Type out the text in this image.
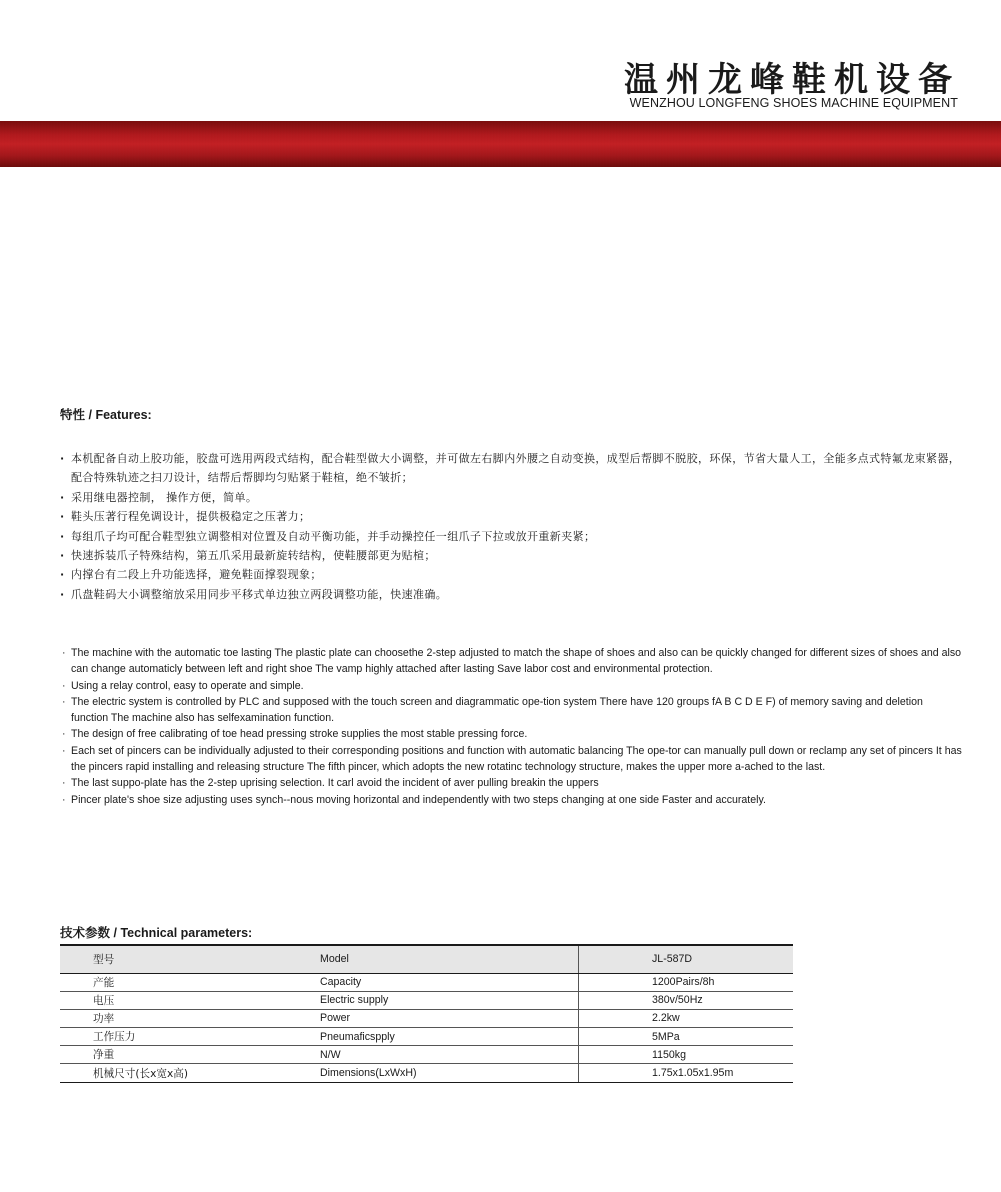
温州龙峰鞋机设备
WENZHOU LONGFENG SHOES MACHINE EQUIPMENT
特性 / Features:
· 本机配备自动上胶功能，胶盘可选用两段式结构，配合鞋型做大小调整，并可做左右脚内外腰之自动变换，成型后帮脚不脱胶，环保，节省大量人工，全能多点式特氟龙束紧器，配合特殊轨迹之扫刀设计，结帮后帮脚均匀贴紧于鞋楦，绝不皱折；
· 采用继电器控制， 操作方便，简单。
· 鞋头压著行程免调设计，提供极稳定之压著力；
· 每组爪子均可配合鞋型独立调整相对位置及自动平衡功能，并手动操控任一组爪子下拉或放开重新夹紧；
· 快速拆装爪子特殊结构，第五爪采用最新旋转结构，使鞋腰部更为贴楦；
· 内撑台有二段上升功能选择，避免鞋面撑裂现象；
· 爪盘鞋码大小调整缩放采用同步平移式单边独立两段调整功能，快速准确。
· The machine with the automatic toe lasting The plastic plate can choosethe 2-step adjusted to match the shape of shoes and also can be quickly changed for different sizes of shoes and also can change automaticly between left and right shoe The vamp highly attached after lasting Save labor cost and environmental protection.
· Using a relay control, easy to operate and simple.
· The electric system is controlled by PLC and supposed with the touch screen and diagrammatic ope-tion system There have 120 groups fA B C D E F) of memory saving and deletion function The machine also has selfexamination function.
· The design of free calibrating of toe head pressing stroke supplies the most stable pressing force.
· Each set of pincers can be individually adjusted to their corresponding positions and function with automatic balancing The ope-tor can manually pull down or reclamp any set of pincers It has the pincers rapid installing and releasing structure The fifth pincer, which adopts the new rotatinc technology structure, makes the upper more a-ached to the last.
· The last suppo-plate has the 2-step uprising selection. It carl avoid the incident of aver pulling breakin the uppers
· Pincer plate's shoe size adjusting uses synch--nous moving horizontal and independently with two steps changing at one side Faster and accurately.
技术参数 / Technical parameters:
型号	Model	JL-587D
产能	Capacity	1200Pairs/8h
电压	Electric supply	380v/50Hz
功率	Power	2.2kw
工作压力	Pneumaficspply	5MPa
净重	N/W	1150kg
机械尺寸(长x宽x高)	Dimensions(LxWxH)	1.75x1.05x1.95m
